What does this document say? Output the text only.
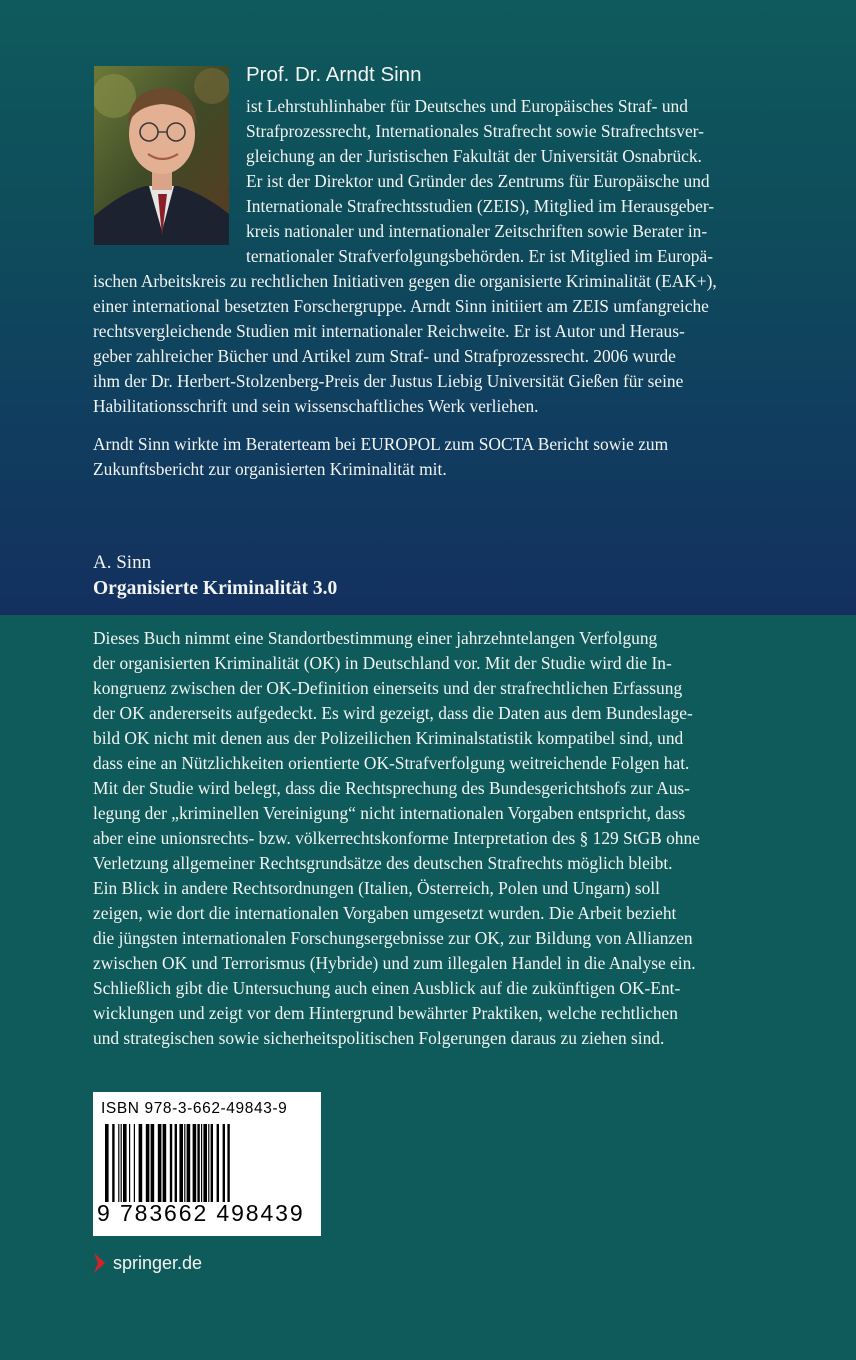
Prof. Dr. Arndt Sinn
ist Lehrstuhlinhaber für Deutsches und Europäisches Straf- und
Strafprozessrecht, Internationales Strafrecht sowie Strafrechtsver-
gleichung an der Juristischen Fakultät der Universität Osnabrück.
Er ist der Direktor und Gründer des Zentrums für Europäische und
Internationale Strafrechtsstudien (ZEIS), Mitglied im Herausgeber-
kreis nationaler und internationaler Zeitschriften sowie Berater in-
ternationaler Strafverfolgungsbehörden. Er ist Mitglied im Europä-
ischen Arbeitskreis zu rechtlichen Initiativen gegen die organisierte Kriminalität (EAK+),
einer international besetzten Forschergruppe. Arndt Sinn initiiert am ZEIS umfangreiche
rechtsvergleichende Studien mit internationaler Reichweite. Er ist Autor und Heraus-
geber zahlreicher Bücher und Artikel zum Straf- und Strafprozessrecht. 2006 wurde
ihm der Dr. Herbert-Stolzenberg-Preis der Justus Liebig Universität Gießen für seine
Habilitationsschrift und sein wissenschaftliches Werk verliehen.
Arndt Sinn wirkte im Beraterteam bei EUROPOL zum SOCTA Bericht sowie zum
Zukunftsbericht zur organisierten Kriminalität mit.
A. Sinn
Organisierte Kriminalität 3.0
Dieses Buch nimmt eine Standortbestimmung einer jahrzehntelangen Verfolgung
der organisierten Kriminalität (OK) in Deutschland vor. Mit der Studie wird die In-
kongruenz zwischen der OK-Definition einerseits und der strafrechtlichen Erfassung
der OK andererseits aufgedeckt. Es wird gezeigt, dass die Daten aus dem Bundeslage-
bild OK nicht mit denen aus der Polizeilichen Kriminalstatistik kompatibel sind, und
dass eine an Nützlichkeiten orientierte OK-Strafverfolgung weitreichende Folgen hat.
Mit der Studie wird belegt, dass die Rechtsprechung des Bundesgerichtshofs zur Aus-
legung der „kriminellen Vereinigung“ nicht internationalen Vorgaben entspricht, dass
aber eine unionsrechts- bzw. völkerrechtskonforme Interpretation des § 129 StGB ohne
Verletzung allgemeiner Rechtsgrundsätze des deutschen Strafrechts möglich bleibt.
Ein Blick in andere Rechtsordnungen (Italien, Österreich, Polen und Ungarn) soll
zeigen, wie dort die internationalen Vorgaben umgesetzt wurden. Die Arbeit bezieht
die jüngsten internationalen Forschungsergebnisse zur OK, zur Bildung von Allianzen
zwischen OK und Terrorismus (Hybride) und zum illegalen Handel in die Analyse ein.
Schließlich gibt die Untersuchung auch einen Ausblick auf die zukünftigen OK-Ent-
wicklungen und zeigt vor dem Hintergrund bewährter Praktiken, welche rechtlichen
und strategischen sowie sicherheitspolitischen Folgerungen daraus zu ziehen sind.
ISBN 978-3-662-49843-9
9 783662 498439
springer.de
